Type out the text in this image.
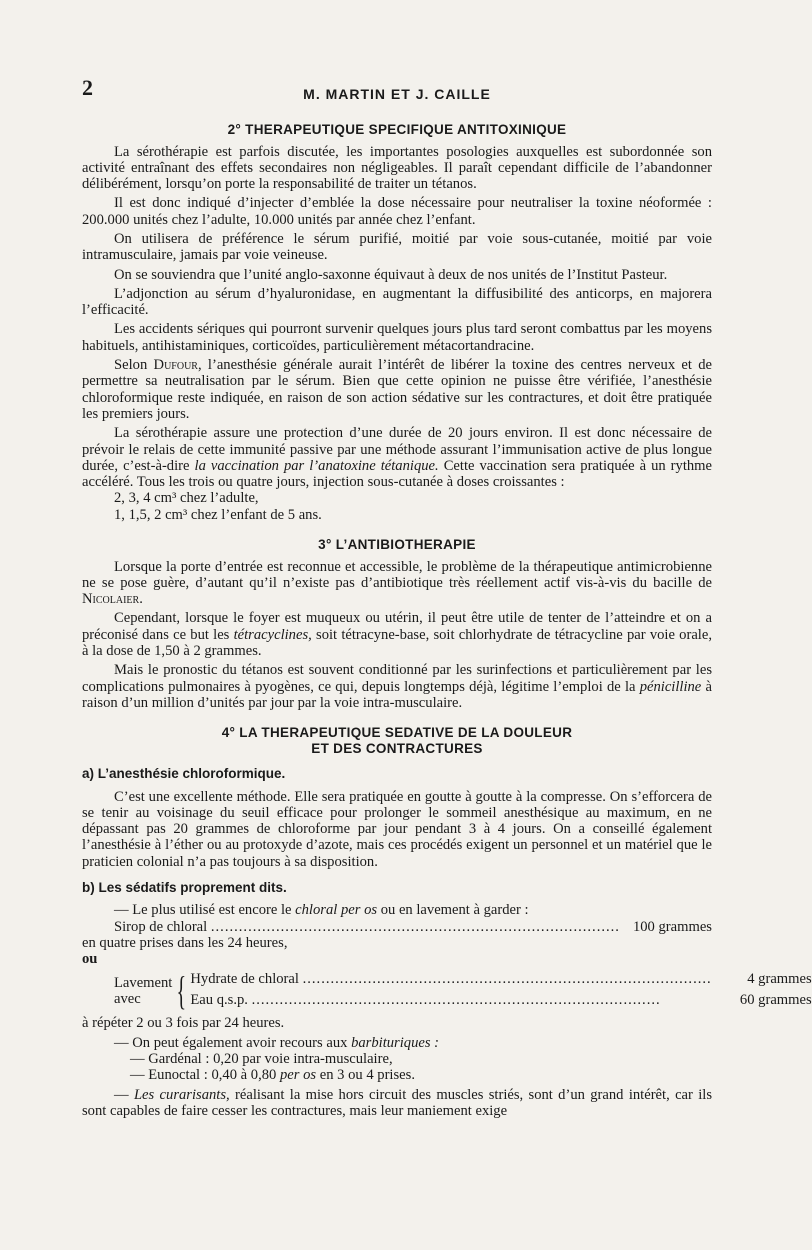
2	M. MARTIN ET J. CAILLE
2° THERAPEUTIQUE SPECIFIQUE ANTITOXINIQUE

La sérothérapie est parfois discutée, les importantes posologies auxquelles est subordonnée son activité entraînant des effets secondaires non négligeables. Il paraît cependant difficile de l’abandonner délibérément, lorsqu’on porte la responsabilité de traiter un tétanos.

Il est donc indiqué d’injecter d’emblée la dose nécessaire pour neutraliser la toxine néoformée : 200.000 unités chez l’adulte, 10.000 unités par année chez l’enfant.

On utilisera de préférence le sérum purifié, moitié par voie sous-cutanée, moitié par voie intramusculaire, jamais par voie veineuse.

On se souviendra que l’unité anglo-saxonne équivaut à deux de nos unités de l’Institut Pasteur.

L’adjonction au sérum d’hyaluronidase, en augmentant la diffusibilité des anticorps, en majorera l’efficacité.

Les accidents sériques qui pourront survenir quelques jours plus tard seront combattus par les moyens habituels, antihistaminiques, corticoïdes, particulièrement métacortandracine.

Selon Dufour, l’anesthésie générale aurait l’intérêt de libérer la toxine des centres nerveux et de permettre sa neutralisation par le sérum. Bien que cette opinion ne puisse être vérifiée, l’anesthésie chloroformique reste indiquée, en raison de son action sédative sur les contractures, et doit être pratiquée les premiers jours.

La sérothérapie assure une protection d’une durée de 20 jours environ. Il est donc nécessaire de prévoir le relais de cette immunité passive par une méthode assurant l’immunisation active de plus longue durée, c’est-à-dire la vaccination par l’anatoxine tétanique. Cette vaccination sera pratiquée à un rythme accéléré. Tous les trois ou quatre jours, injection sous-cutanée à doses croissantes :

2, 3, 4 cm³ chez l’adulte,

1, 1,5, 2 cm³ chez l’enfant de 5 ans.

3° L’ANTIBIOTHERAPIE

Lorsque la porte d’entrée est reconnue et accessible, le problème de la thérapeutique antimicrobienne ne se pose guère, d’autant qu’il n’existe pas d’antibiotique très réellement actif vis-à-vis du bacille de Nicolaier.

Cependant, lorsque le foyer est muqueux ou utérin, il peut être utile de tenter de l’atteindre et on a préconisé dans ce but les tétracyclines, soit tétracyne-base, soit chlorhydrate de tétracycline par voie orale, à la dose de 1,50 à 2 grammes.

Mais le pronostic du tétanos est souvent conditionné par les surinfections et particulièrement par les complications pulmonaires à pyogènes, ce qui, depuis longtemps déjà, légitime l’emploi de la pénicilline à raison d’un million d’unités par jour par la voie intra-musculaire.

4° LA THERAPEUTIQUE SEDATIVE DE LA DOULEUR
ET DES CONTRACTURES
a) L’anesthésie chloroformique.

C’est une excellente méthode. Elle sera pratiquée en goutte à goutte à la compresse. On s’efforcera de se tenir au voisinage du seuil efficace pour prolonger le sommeil anesthésique au maximum, en ne dépassant pas 20 grammes de chloroforme par jour pendant 3 à 4 jours. On a conseillé également l’anesthésie à l’éther ou au protoxyde d’azote, mais ces procédés exigent un personnel et un matériel que le praticien colonial n’a pas toujours à sa disposition.

b) Les sédatifs proprement dits.

— Le plus utilisé est encore le chloral per os ou en lavement à garder :

Sirop de chloral ........................................................................................ 100 grammes

en quatre prises dans les 24 heures,

ou

Lavement avec { Hydrate de chloral ........................................................................................	4 grammes
Eau q.s.p. ........................................................................................	60 grammes

à répéter 2 ou 3 fois par 24 heures.

— On peut également avoir recours aux barbituriques :

— Gardénal : 0,20 par voie intra-musculaire,

— Eunoctal : 0,40 à 0,80 per os en 3 ou 4 prises.

— Les curarisants, réalisant la mise hors circuit des muscles striés, sont d’un grand intérêt, car ils sont capables de faire cesser les contractures, mais leur maniement exige
